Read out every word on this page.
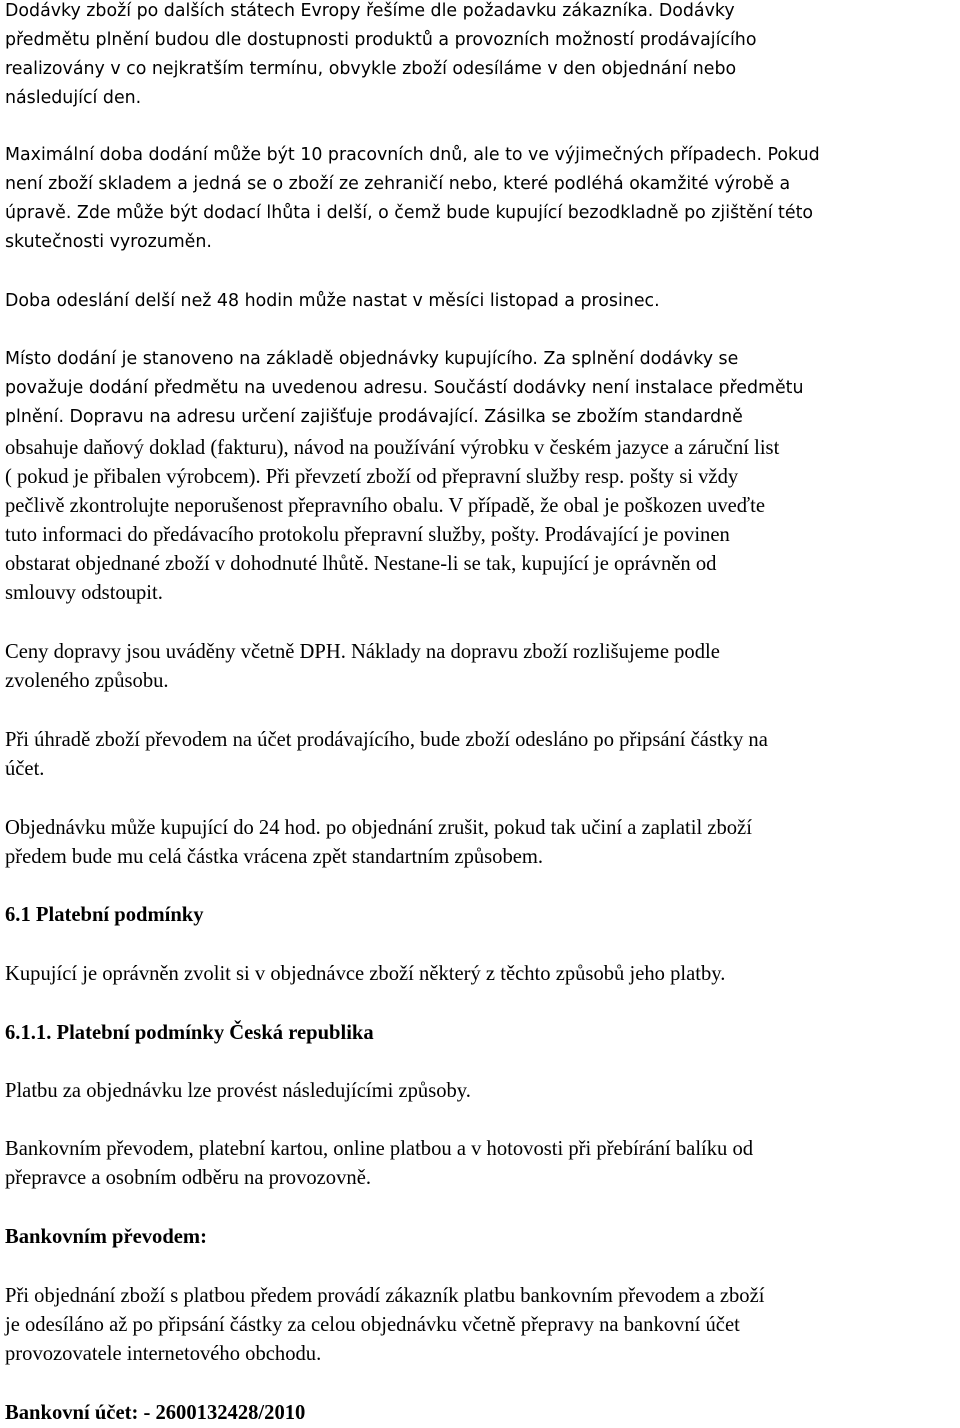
Dodávky zboží po dalších státech Evropy řešíme dle požadavku zákazníka. Dodávky
předmětu plnění budou dle dostupnosti produktů a provozních možností prodávajícího
realizovány v co nejkratším termínu, obvykle zboží odesíláme v den objednání nebo
následující den.
Maximální doba dodání může být 10 pracovních dnů, ale to ve výjimečných případech. Pokud
není zboží skladem a jedná se o zboží ze zehraničí nebo, které podléhá okamžité výrobě a
úpravě. Zde může být dodací lhůta i delší, o čemž bude kupující bezodkladně po zjištění této
skutečnosti vyrozuměn.
Doba odeslání delší než 48 hodin může nastat v měsíci listopad a prosinec.
Místo dodání je stanoveno na základě objednávky kupujícího. Za splnění dodávky se
považuje dodání předmětu na uvedenou adresu. Součástí dodávky není instalace předmětu
plnění. Dopravu na adresu určení zajišťuje prodávající. Zásilka se zbožím standardně
obsahuje daňový doklad (fakturu), návod na používání výrobku v českém jazyce a záruční list
( pokud je přibalen výrobcem). Při převzetí zboží od přepravní služby resp. pošty si vždy
pečlivě zkontrolujte neporušenost přepravního obalu. V případě, že obal je poškozen uveďte
tuto informaci do předávacího protokolu přepravní služby, pošty. Prodávající je povinen
obstarat objednané zboží v dohodnuté lhůtě. Nestane-li se tak, kupující je oprávněn od
smlouvy odstoupit.
Ceny dopravy jsou uváděny včetně DPH. Náklady na dopravu zboží rozlišujeme podle
zvoleného způsobu.
Při úhradě zboží převodem na účet prodávajícího, bude zboží odesláno po připsání částky na
účet.
Objednávku může kupující do 24 hod. po objednání zrušit, pokud tak učiní a zaplatil zboží
předem bude mu celá částka vrácena zpět standartním způsobem.
6.1 Platební podmínky
Kupující je oprávněn zvolit si v objednávce zboží některý z těchto způsobů jeho platby.
6.1.1. Platební podmínky Česká republika
Platbu za objednávku lze provést následujícími způsoby.
Bankovním převodem, platební kartou, online platbou a v hotovosti při přebírání balíku od
přepravce a osobním odběru na provozovně.
Bankovním převodem:
Při objednání zboží s platbou předem provádí zákazník platbu bankovním převodem a zboží
je odesíláno až po připsání částky za celou objednávku včetně přepravy na bankovní účet
provozovatele internetového obchodu.
Bankovní účet: - 2600132428/2010
